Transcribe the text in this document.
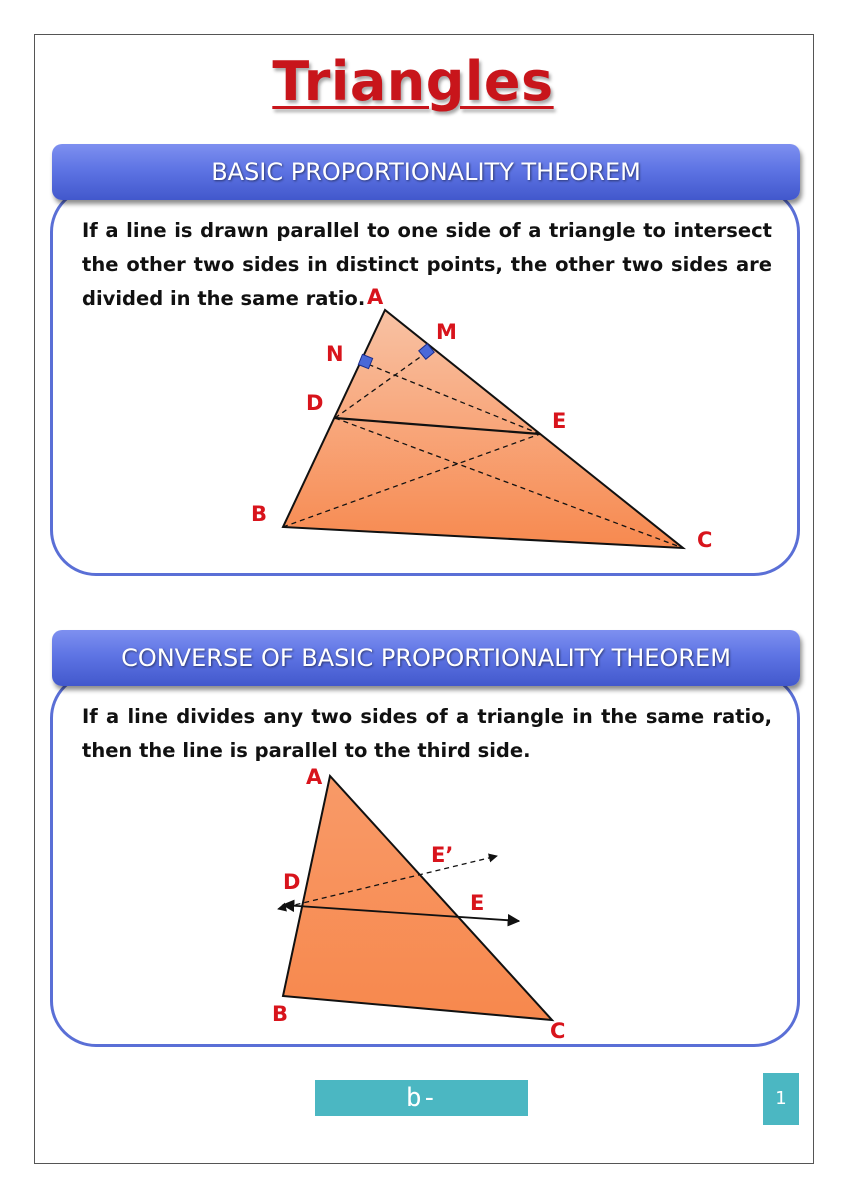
Triangles
BASIC PROPORTIONALITY THEOREM
If a line is drawn parallel to one side of a triangle to intersect the other two sides in distinct points, the other two sides are divided in the same ratio.
CONVERSE OF BASIC PROPORTIONALITY THEOREM
If a line divides any two sides of a triangle in the same ratio, then the line is parallel to the third side.
A
M
N
D
E
B
C
A
E’
D
E
B
C
b-learners.com
1
